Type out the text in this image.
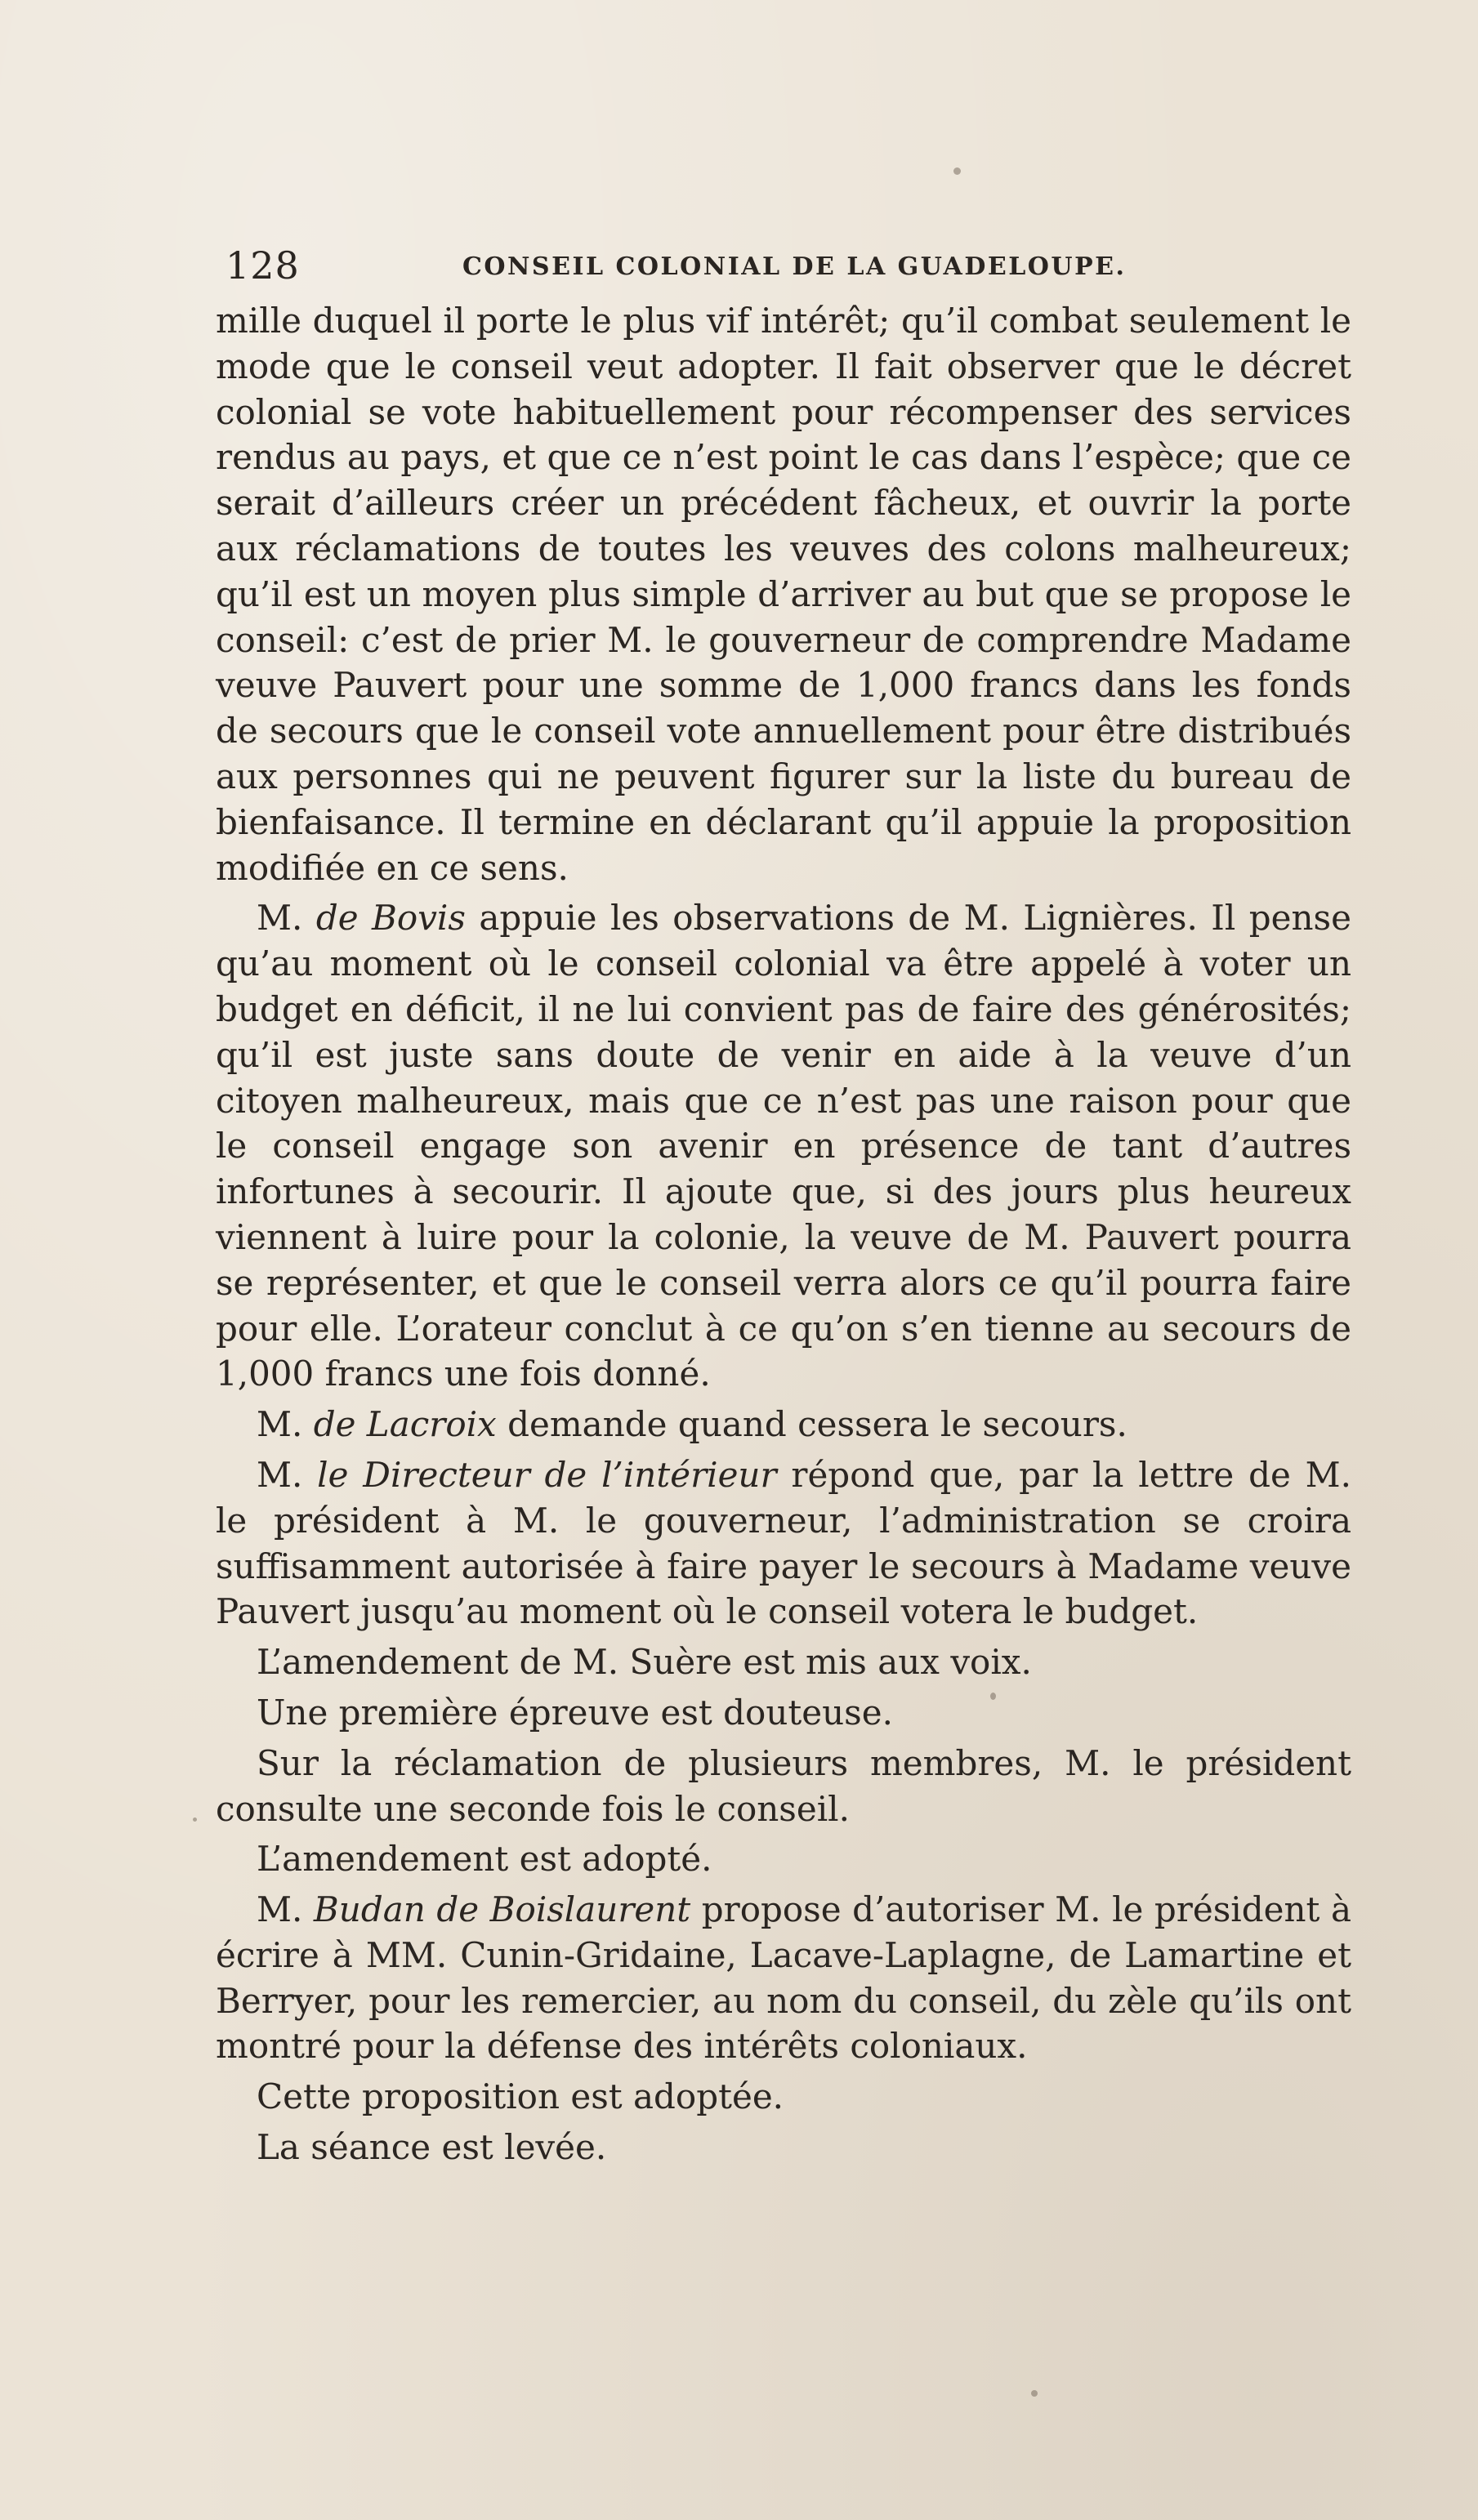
128	CONSEIL COLONIAL DE LA GUADELOUPE.

mille duquel il porte le plus vif intérêt; qu’il combat seulement le mode que le conseil veut adopter. Il fait observer que le décret colonial se vote habituellement pour récompenser des services rendus au pays, et que ce n’est point le cas dans l’espèce; que ce serait d’ailleurs créer un précédent fâcheux, et ouvrir la porte aux réclamations de toutes les veuves des colons malheureux; qu’il est un moyen plus simple d’arriver au but que se propose le conseil: c’est de prier M. le gouverneur de comprendre Madame veuve Pauvert pour une somme de 1,000 francs dans les fonds de secours que le conseil vote annuellement pour être distribués aux personnes qui ne peuvent figurer sur la liste du bureau de bienfaisance. Il termine en déclarant qu’il appuie la proposition modifiée en ce sens.

M. de Bovis appuie les observations de M. Lignières. Il pense qu’au moment où le conseil colonial va être appelé à voter un budget en déficit, il ne lui convient pas de faire des générosités; qu’il est juste sans doute de venir en aide à la veuve d’un citoyen malheureux, mais que ce n’est pas une raison pour que le conseil engage son avenir en présence de tant d’autres infortunes à secourir. Il ajoute que, si des jours plus heureux viennent à luire pour la colonie, la veuve de M. Pauvert pourra se représenter, et que le conseil verra alors ce qu’il pourra faire pour elle. L’orateur conclut à ce qu’on s’en tienne au secours de 1,000 francs une fois donné.

M. de Lacroix demande quand cessera le secours.

M. le Directeur de l’intérieur répond que, par la lettre de M. le président à M. le gouverneur, l’administration se croira suffisamment autorisée à faire payer le secours à Madame veuve Pauvert jusqu’au moment où le conseil votera le budget.

L’amendement de M. Suère est mis aux voix.

Une première épreuve est douteuse.

Sur la réclamation de plusieurs membres, M. le président consulte une seconde fois le conseil.

L’amendement est adopté.

M. Budan de Boislaurent propose d’autoriser M. le président à écrire à MM. Cunin-Gridaine, Lacave-Laplagne, de Lamartine et Berryer, pour les remercier, au nom du conseil, du zèle qu’ils ont montré pour la défense des intérêts coloniaux.

Cette proposition est adoptée.

La séance est levée.
